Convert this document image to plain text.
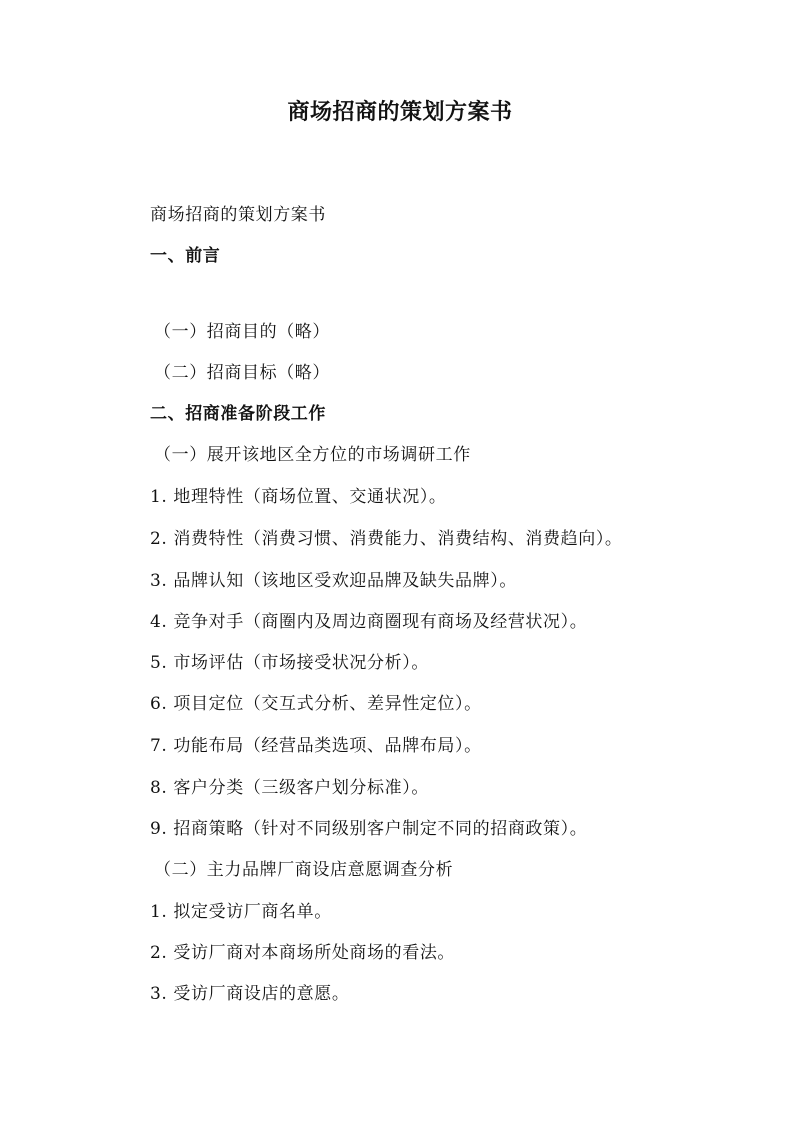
商场招商的策划方案书
商场招商的策划方案书
一、前言
（一）招商目的（略）
（二）招商目标（略）
二、招商准备阶段工作
（一）展开该地区全方位的市场调研工作
1. 地理特性（商场位置、交通状况）。
2. 消费特性（消费习惯、消费能力、消费结构、消费趋向）。
3. 品牌认知（该地区受欢迎品牌及缺失品牌）。
4. 竞争对手（商圈内及周边商圈现有商场及经营状况）。
5. 市场评估（市场接受状况分析）。
6. 项目定位（交互式分析、差异性定位）。
7. 功能布局（经营品类选项、品牌布局）。
8. 客户分类（三级客户划分标准）。
9. 招商策略（针对不同级别客户制定不同的招商政策）。
（二）主力品牌厂商设店意愿调查分析
1. 拟定受访厂商名单。
2. 受访厂商对本商场所处商场的看法。
3. 受访厂商设店的意愿。
